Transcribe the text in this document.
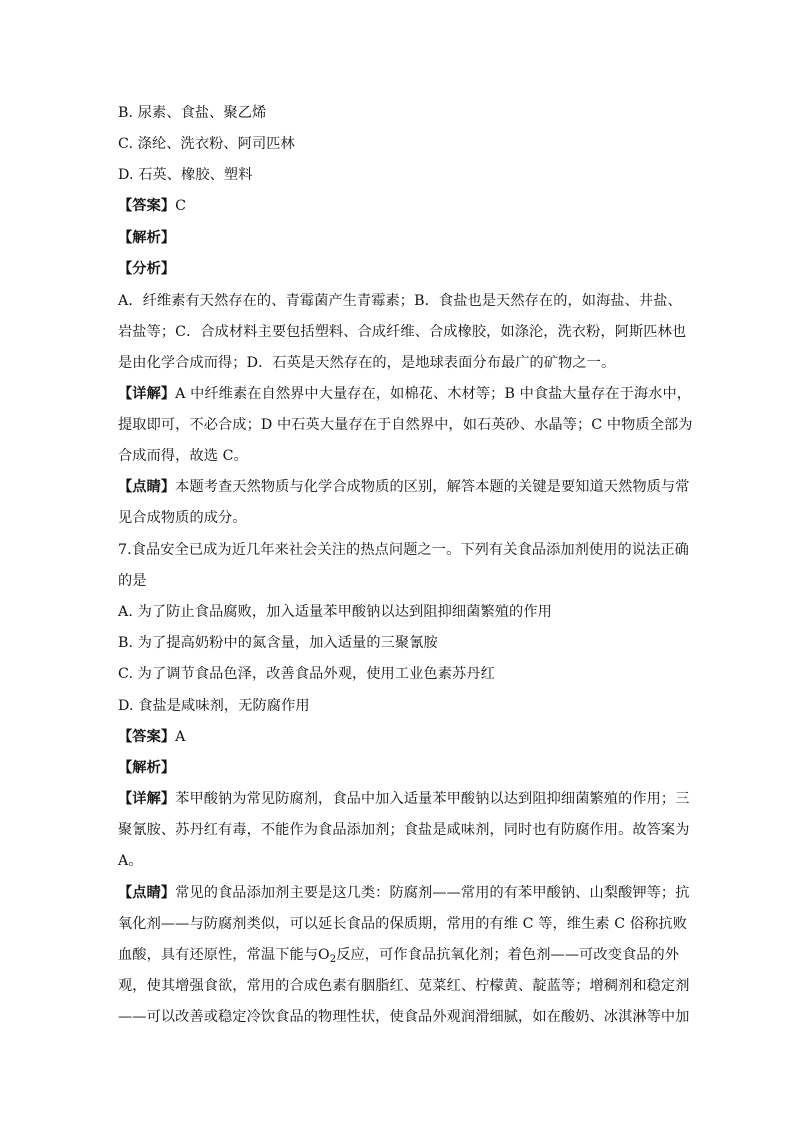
B. 尿素、食盐、聚乙烯
C. 涤纶、洗衣粉、阿司匹林
D. 石英、橡胶、塑料
【答案】C
【解析】
【分析】
A．纤维素有天然存在的、青霉菌产生青霉素；B．食盐也是天然存在的，如海盐、井盐、
岩盐等；C．合成材料主要包括塑料、合成纤维、合成橡胶，如涤沦，洗衣粉，阿斯匹林也
是由化学合成而得；D．石英是天然存在的，是地球表面分布最广的矿物之一。
【详解】A 中纤维素在自然界中大量存在，如棉花、木材等；B 中食盐大量存在于海水中，
提取即可，不必合成；D 中石英大量存在于自然界中，如石英砂、水晶等；C 中物质全部为
合成而得，故选 C。
【点睛】本题考查天然物质与化学合成物质的区别，解答本题的关键是要知道天然物质与常
见合成物质的成分。
7.食品安全已成为近几年来社会关注的热点问题之一。下列有关食品添加剂使用的说法正确
的是
A. 为了防止食品腐败，加入适量苯甲酸钠以达到阻抑细菌繁殖的作用
B. 为了提高奶粉中的氮含量，加入适量的三聚氰胺
C. 为了调节食品色泽，改善食品外观，使用工业色素苏丹红
D. 食盐是咸味剂，无防腐作用
【答案】A
【解析】
【详解】苯甲酸钠为常见防腐剂，食品中加入适量苯甲酸钠以达到阻抑细菌繁殖的作用；三
聚氰胺、苏丹红有毒，不能作为食品添加剂；食盐是咸味剂，同时也有防腐作用。故答案为
A。
【点睛】常见的食品添加剂主要是这几类：防腐剂——常用的有苯甲酸钠、山梨酸钾等；抗
氧化剂——与防腐剂类似，可以延长食品的保质期，常用的有维 C 等，维生素 C 俗称抗败
血酸，具有还原性，常温下能与$O_2$反应，可作食品抗氧化剂；着色剂——可改变食品的外
观，使其增强食欲，常用的合成色素有胭脂红、苋菜红、柠檬黄、靛蓝等；增稠剂和稳定剂
——可以改善或稳定冷饮食品的物理性状，使食品外观润滑细腻，如在酸奶、冰淇淋等中加
